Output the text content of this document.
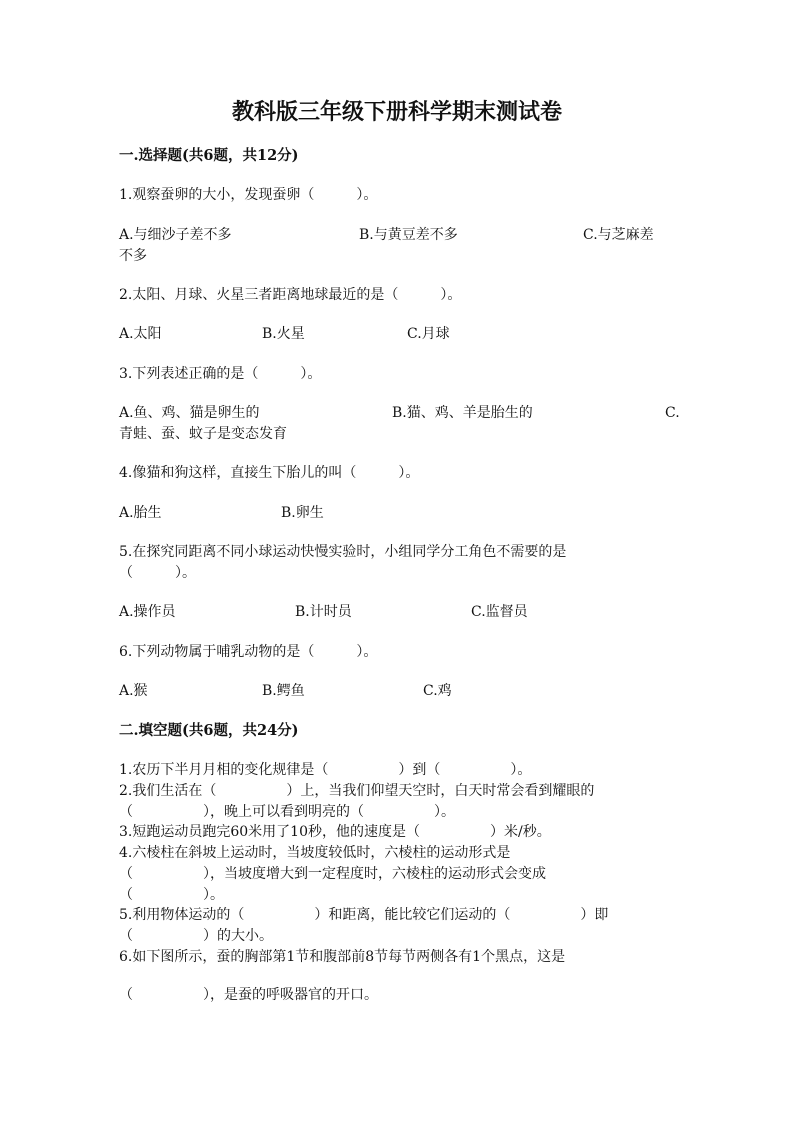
教科版三年级下册科学期末测试卷
一.选择题(共6题，共12分)
1.观察蚕卵的大小，发现蚕卵（　　　）。
A.与细沙子差不多	B.与黄豆差不多	C.与芝麻差
不多
2.太阳、月球、火星三者距离地球最近的是（　　　）。
A.太阳	B.火星	C.月球
3.下列表述正确的是（　　　）。
A.鱼、鸡、猫是卵生的	B.猫、鸡、羊是胎生的	C.
青蛙、蚕、蚊子是变态发育
4.像猫和狗这样，直接生下胎儿的叫（　　　）。
A.胎生	B.卵生
5.在探究同距离不同小球运动快慢实验时，小组同学分工角色不需要的是
（　　　）。
A.操作员	B.计时员	C.监督员
6.下列动物属于哺乳动物的是（　　　）。
A.猴	B.鳄鱼	C.鸡
二.填空题(共6题，共24分)
1.农历下半月月相的变化规律是（　　　　　）到（　　　　　）。
2.我们生活在（　　　　　）上，当我们仰望天空时，白天时常会看到耀眼的
（　　　　　），晚上可以看到明亮的（　　　　　）。
3.短跑运动员跑完60米用了10秒，他的速度是（　　　　　）米/秒。
4.六棱柱在斜坡上运动时，当坡度较低时，六棱柱的运动形式是
（　　　　　），当坡度增大到一定程度时，六棱柱的运动形式会变成
（　　　　　）。
5.利用物体运动的（　　　　　）和距离，能比较它们运动的（　　　　　）即
（　　　　　）的大小。
6.如下图所示，蚕的胸部第1节和腹部前8节每节两侧各有1个黑点，这是
（　　　　　），是蚕的呼吸器官的开口。
